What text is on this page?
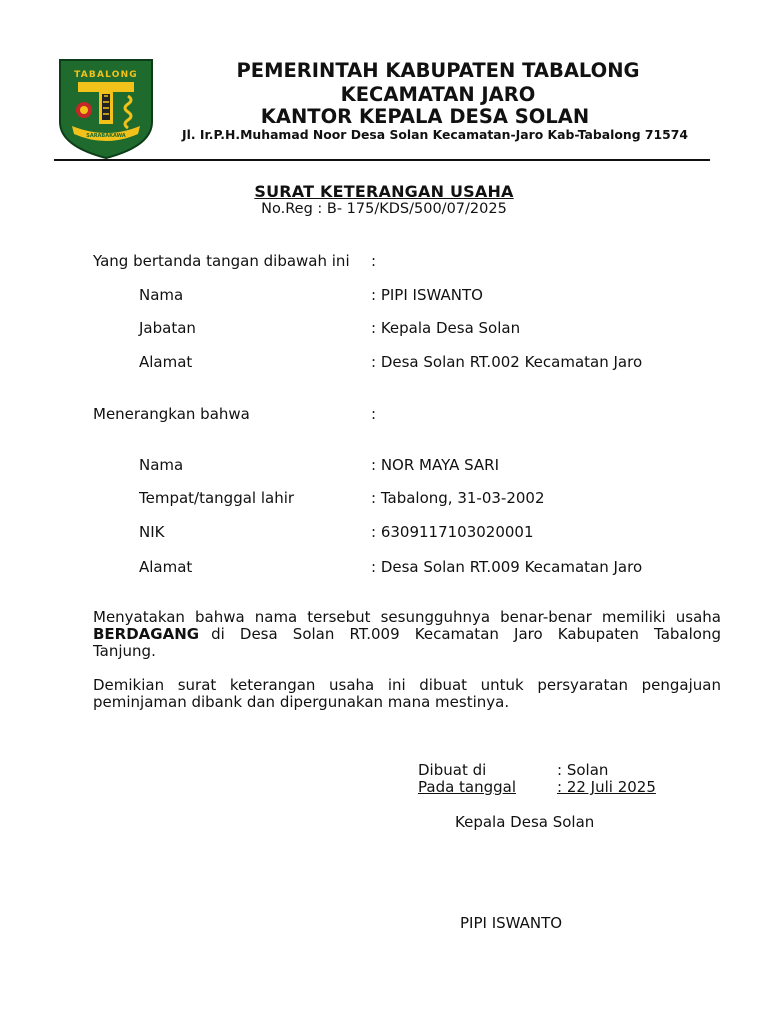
TABALONG
SARABAKAWA
PEMERINTAH KABUPATEN TABALONG
KECAMATAN JARO
KANTOR KEPALA DESA SOLAN
Jl. Ir.P.H.Muhamad Noor Desa Solan Kecamatan-Jaro Kab-Tabalong 71574
SURAT KETERANGAN USAHA
No.Reg : B- 175/KDS/500/07/2025
Yang bertanda tangan dibawah ini :
Nama	: PIPI ISWANTO
Jabatan	: Kepala Desa Solan
Alamat	: Desa Solan RT.002 Kecamatan Jaro
Menerangkan bahwa	:
Nama	: NOR MAYA SARI
Tempat/tanggal lahir	: Tabalong, 31-03-2002
NIK	: 6309117103020001
Alamat	: Desa Solan RT.009 Kecamatan Jaro
Menyatakan bahwa nama tersebut sesungguhnya benar-benar memiliki usaha
BERDAGANG di Desa Solan RT.009 Kecamatan Jaro Kabupaten Tabalong
Tanjung.
Demikian surat keterangan usaha ini dibuat untuk persyaratan pengajuan
peminjaman dibank dan dipergunakan mana mestinya.
Dibuat di	: Solan
Pada tanggal	: 22 Juli 2025
Kepala Desa Solan
PIPI ISWANTO
